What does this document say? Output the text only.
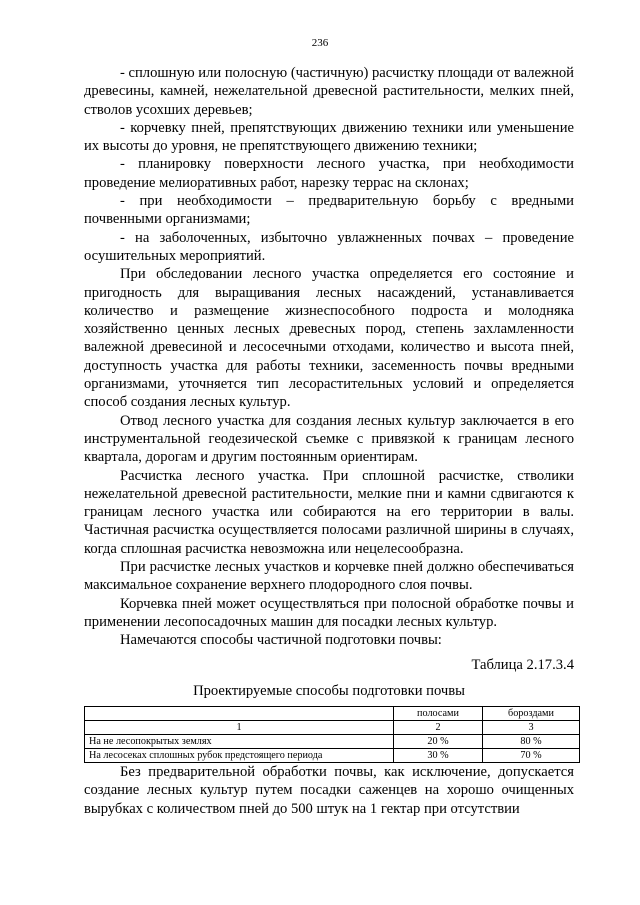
236

- сплошную или полосную (частичную) расчистку площади от валежной древесины, камней, нежелательной древесной растительности, мелких пней, стволов усохших деревьев;

- корчевку пней, препятствующих движению техники или уменьшение их высоты до уровня, не препятствующего движению техники;

- планировку поверхности лесного участка, при необходимости проведение мелиоративных работ, нарезку террас на склонах;

- при необходимости – предварительную борьбу с вредными почвенными организмами;

- на заболоченных, избыточно увлажненных почвах – проведение осушительных мероприятий.

При обследовании лесного участка определяется его состояние и пригодность для выращивания лесных насаждений, устанавливается количество и размещение жизнеспособного подроста и молодняка хозяйственно ценных лесных древесных пород, степень захламленности валежной древесиной и лесосечными отходами, количество и высота пней, доступность участка для работы техники, засеменность почвы вредными организмами, уточняется тип лесорастительных условий и определяется способ создания лесных культур.

Отвод лесного участка для создания лесных культур заключается в его инструментальной геодезической съемке с привязкой к границам лесного квартала, дорогам и другим постоянным ориентирам.

Расчистка лесного участка. При сплошной расчистке, стволики нежелательной древесной растительности, мелкие пни и камни сдвигаются к границам лесного участка или собираются на его территории в валы. Частичная расчистка осуществляется полосами различной ширины в случаях, когда сплошная расчистка невозможна или нецелесообразна.

При расчистке лесных участков и корчевке пней должно обеспечиваться максимальное сохранение верхнего плодородного слоя почвы.

Корчевка пней может осуществляться при полосной обработке почвы и применении лесопосадочных машин для посадки лесных культур.

Намечаются способы частичной подготовки почвы:

Таблица 2.17.3.4
Проектируемые способы подготовки почвы
	полосами	бороздами
1	2	3
На не лесопокрытых землях	20 %	80 %
На лесосеках сплошных рубок предстоящего периода	30 %	70 %

Без предварительной обработки почвы, как исключение, допускается создание лесных культур путем посадки саженцев на хорошо очищенных вырубках с количеством пней до 500 штук на 1 гектар при отсутствии
